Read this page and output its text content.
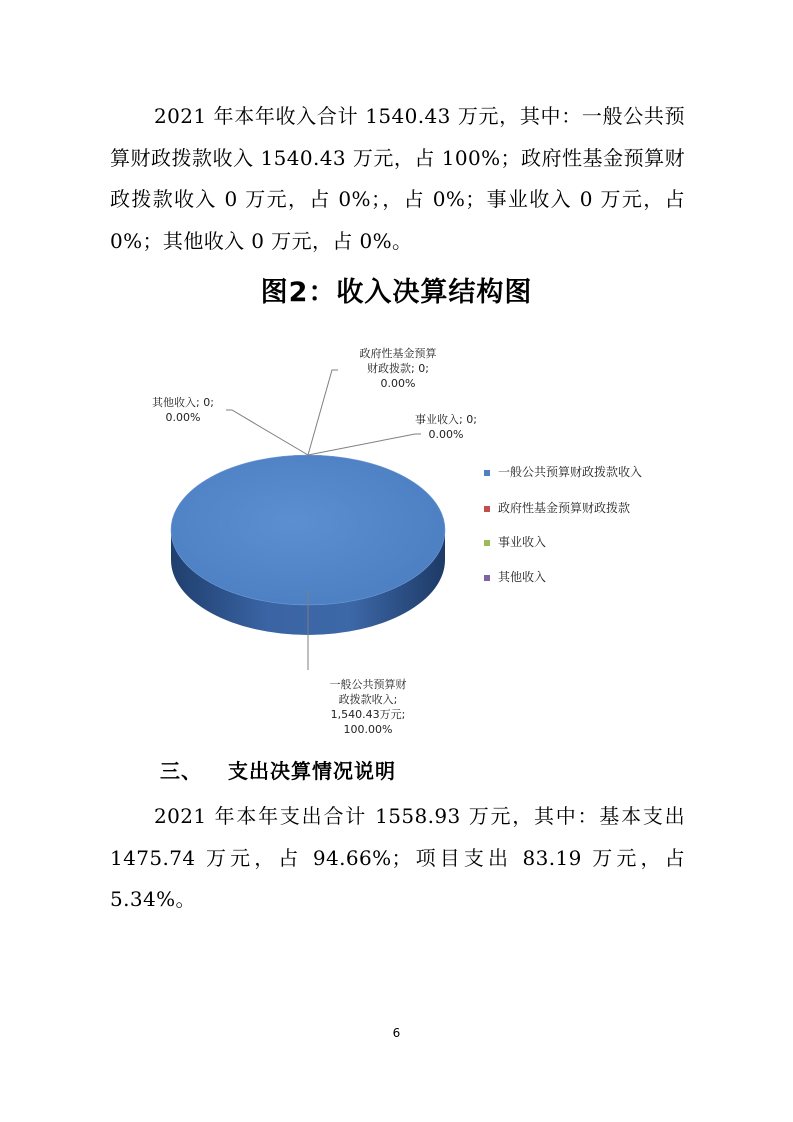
2021 年本年收入合计 1540.43 万元，其中：一般公共预算财政拨款收入 1540.43 万元，占 100%；政府性基金预算财政拨款收入 0 万元，占 0%；，占 0%；事业收入 0 万元，占 0%；其他收入 0 万元，占 0%。
图2：收入决算结构图
一般公共预算财
政拨款收入;
1,540.43万元;
100.00%
政府性基金预算
财政拨款; 0;
0.00%
事业收入; 0;
0.00%
其他收入; 0;
0.00%
一般公共预算财政拨款收入
政府性基金预算财政拨款
事业收入
其他收入
三、 支出决算情况说明
2021 年本年支出合计 1558.93 万元，其中：基本支出 1475.74 万元，占 94.66%；项目支出 83.19 万元，占 5.34%。
6
